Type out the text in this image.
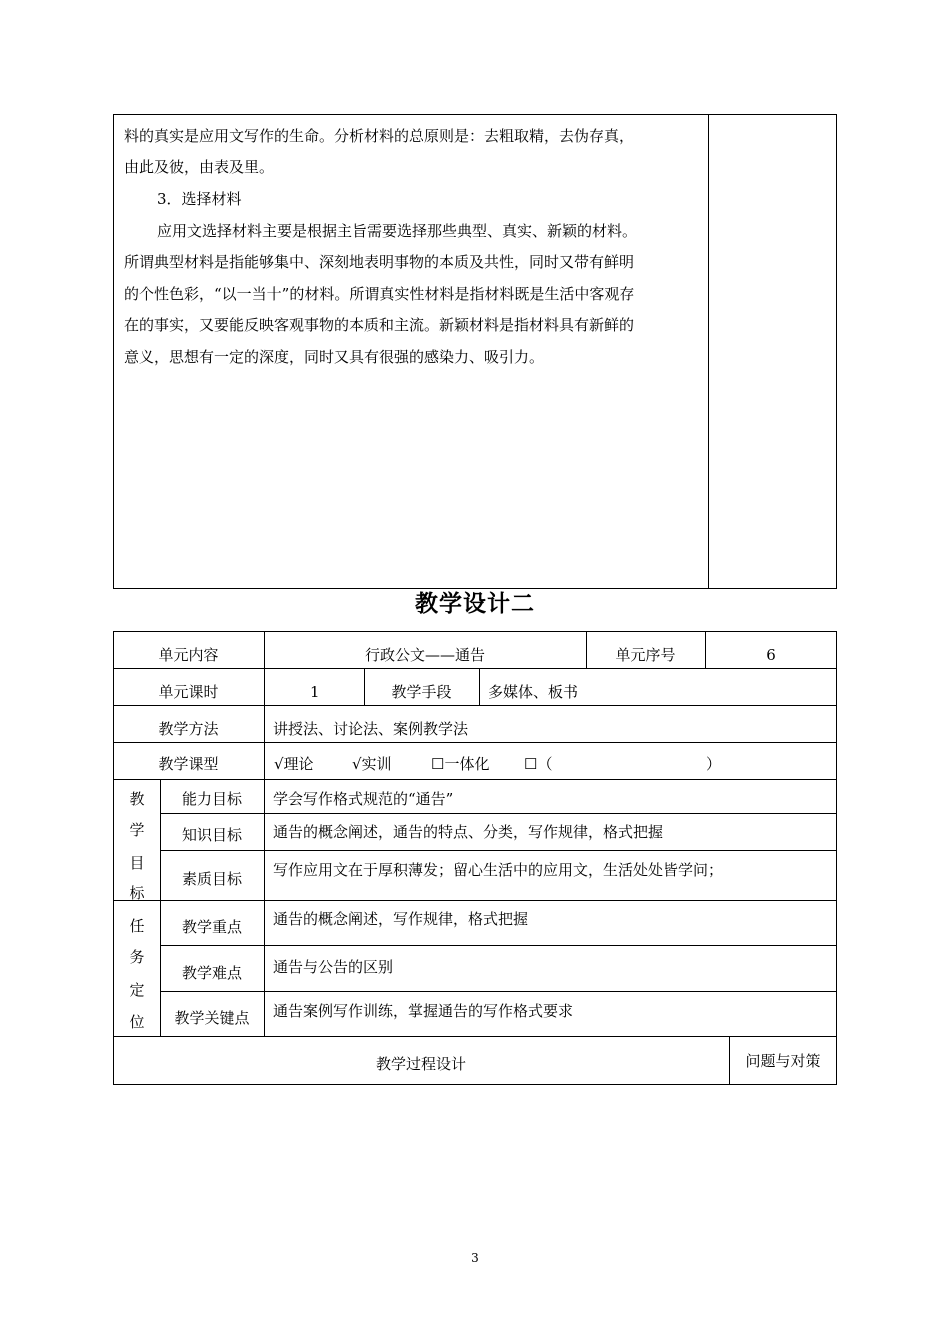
料的真实是应用文写作的生命。分析材料的总原则是：去粗取精，去伪存真，
由此及彼，由表及里。
3．选择材料
应用文选择材料主要是根据主旨需要选择那些典型、真实、新颖的材料。
所谓典型材料是指能够集中、深刻地表明事物的本质及共性，同时又带有鲜明
的个性色彩，“以一当十”的材料。所谓真实性材料是指材料既是生活中客观存
在的事实，又要能反映客观事物的本质和主流。新颖材料是指材料具有新鲜的
意义，思想有一定的深度，同时又具有很强的感染力、吸引力。
教学设计二
单元内容	行政公文——通告	单元序号	6
单元课时	1	教学手段	多媒体、板书
教学方法	讲授法、讨论法、案例教学法
教学课型	√理论	√实训	☐一体化 ☐（	）
教
学
目
标
能力目标	学会写作格式规范的“通告”
知识目标	通告的概念阐述，通告的特点、分类，写作规律，格式把握
素质目标	写作应用文在于厚积薄发；留心生活中的应用文，生活处处皆学问；
任
务
定
位
教学重点	通告的概念阐述，写作规律，格式把握
教学难点	通告与公告的区别
教学关键点	通告案例写作训练，掌握通告的写作格式要求
教学过程设计	问题与对策
3
